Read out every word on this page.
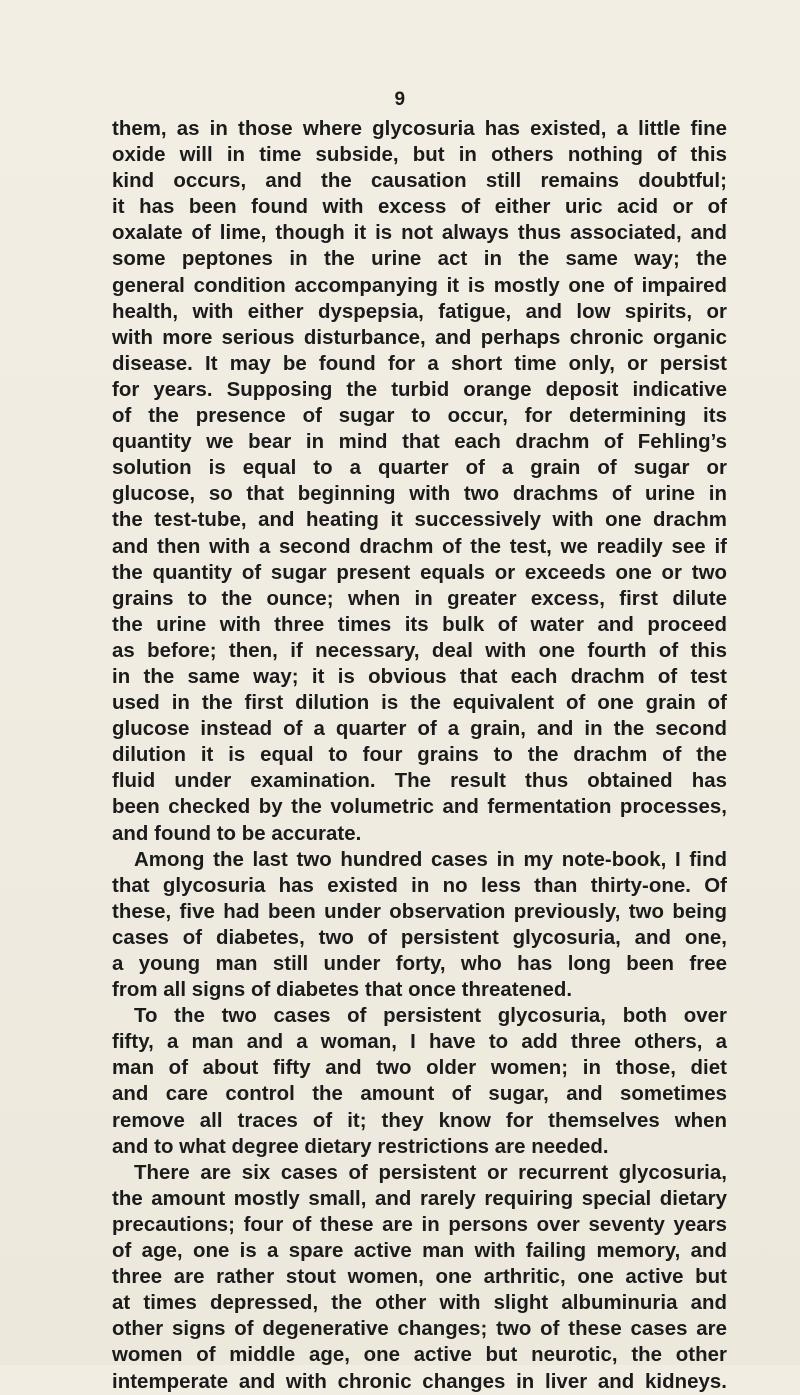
9
them, as in those where glycosuria has existed, a little fine
oxide will in time subside, but in others nothing of this
kind occurs, and the causation still remains doubtful;
it has been found with excess of either uric acid or of
oxalate of lime, though it is not always thus associated, and
some peptones in the urine act in the same way; the
general condition accompanying it is mostly one of impaired
health, with either dyspepsia, fatigue, and low spirits, or
with more serious disturbance, and perhaps chronic organic
disease. It may be found for a short time only, or persist
for years. Supposing the turbid orange deposit indicative
of the presence of sugar to occur, for determining its
quantity we bear in mind that each drachm of Fehling’s
solution is equal to a quarter of a grain of sugar or
glucose, so that beginning with two drachms of urine in
the test-tube, and heating it successively with one drachm
and then with a second drachm of the test, we readily see if
the quantity of sugar present equals or exceeds one or two
grains to the ounce; when in greater excess, first dilute
the urine with three times its bulk of water and proceed
as before; then, if necessary, deal with one fourth of this
in the same way; it is obvious that each drachm of test
used in the first dilution is the equivalent of one grain of
glucose instead of a quarter of a grain, and in the second
dilution it is equal to four grains to the drachm of the
fluid under examination. The result thus obtained has
been checked by the volumetric and fermentation processes,
and found to be accurate.
Among the last two hundred cases in my note-book, I find
that glycosuria has existed in no less than thirty-one. Of
these, five had been under observation previously, two being
cases of diabetes, two of persistent glycosuria, and one,
a young man still under forty, who has long been free
from all signs of diabetes that once threatened.
To the two cases of persistent glycosuria, both over
fifty, a man and a woman, I have to add three others, a
man of about fifty and two older women; in those, diet
and care control the amount of sugar, and sometimes
remove all traces of it; they know for themselves when
and to what degree dietary restrictions are needed.
There are six cases of persistent or recurrent glycosuria,
the amount mostly small, and rarely requiring special dietary
precautions; four of these are in persons over seventy years
of age, one is a spare active man with failing memory, and
three are rather stout women, one arthritic, one active but
at times depressed, the other with slight albuminuria and
other signs of degenerative changes; two of these cases are
women of middle age, one active but neurotic, the other
intemperate and with chronic changes in liver and kidneys.
